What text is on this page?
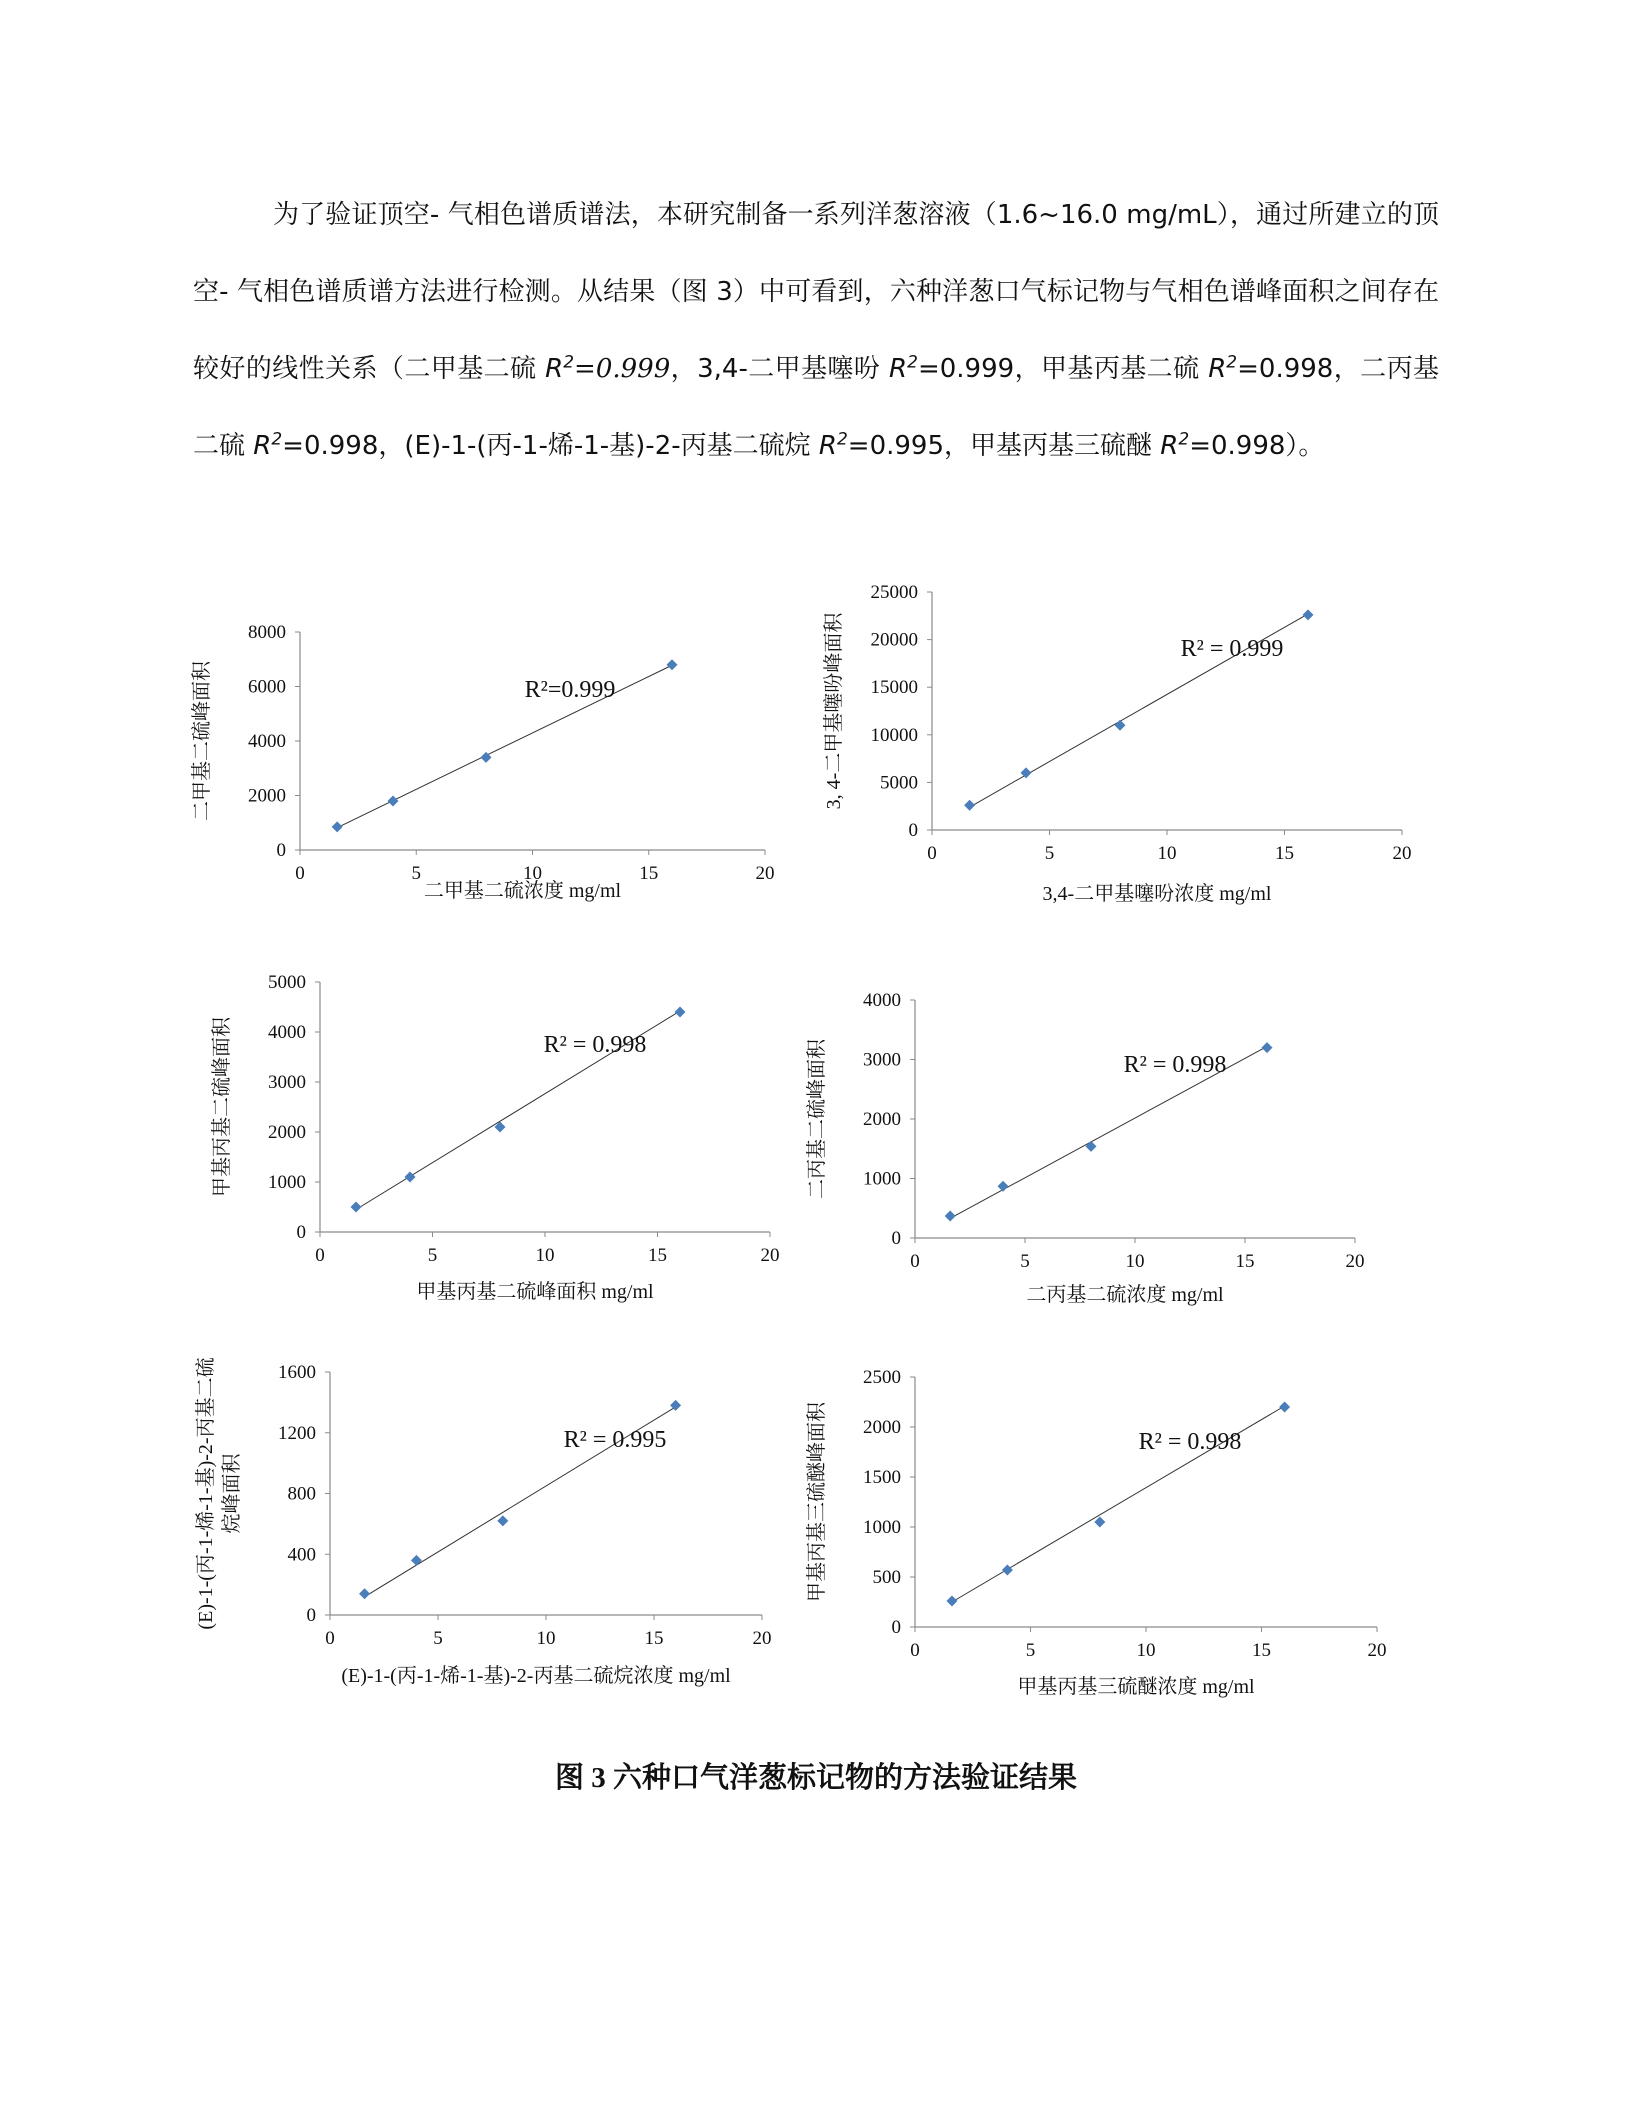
为了验证顶空- 气相色谱质谱法，本研究制备一系列洋葱溶液（1.6~16.0 mg/mL），通过所建立的顶空- 气相色谱质谱方法进行检测。从结果（图 3）中可看到，六种洋葱口气标记物与气相色谱峰面积之间存在较好的线性关系（二甲基二硫 $R^2=0.999$，3,4-二甲基噻吩 $R^2=0.999$，甲基丙基二硫 $R^2=0.998$，二丙基二硫 $R^2=0.998$，(E)-1-(丙-1-烯-1-基)-2-丙基二硫烷 $R^2=0.995$，甲基丙基三硫醚 $R^2=0.998$）。

0	5	10	15	20
0
2000
4000
6000
8000
R²=0.999
二甲基二硫浓度 mg/ml
二甲基二硫峰面积
0	5	10	15	20
0
5000
10000
15000
20000
25000
R² = 0.999
3,4-二甲基噻吩浓度 mg/ml
3, 4-二甲基噻吩峰面积
0	5	10	15	20
0
1000
2000
3000
4000
5000
R² = 0.998
甲基丙基二硫峰面积 mg/ml
甲基丙基二硫峰面积
0	5	10	15	20
0
1000
2000
3000
4000
R² = 0.998
二丙基二硫浓度 mg/ml
二丙基二硫峰面积
0	5	10	15	20
0
400
800
1200
1600
R² = 0.995
(E)-1-(丙-1-烯-1-基)-2-丙基二硫烷浓度 mg/ml
(E)-1-(丙-1-烯-1-基)-2-丙基二硫 烷峰面积
0	5	10	15	20
0
500
1000
1500
2000
2500
R² = 0.998
甲基丙基三硫醚浓度 mg/ml
甲基丙基三硫醚峰面积
图 3 六种口气洋葱标记物的方法验证结果
